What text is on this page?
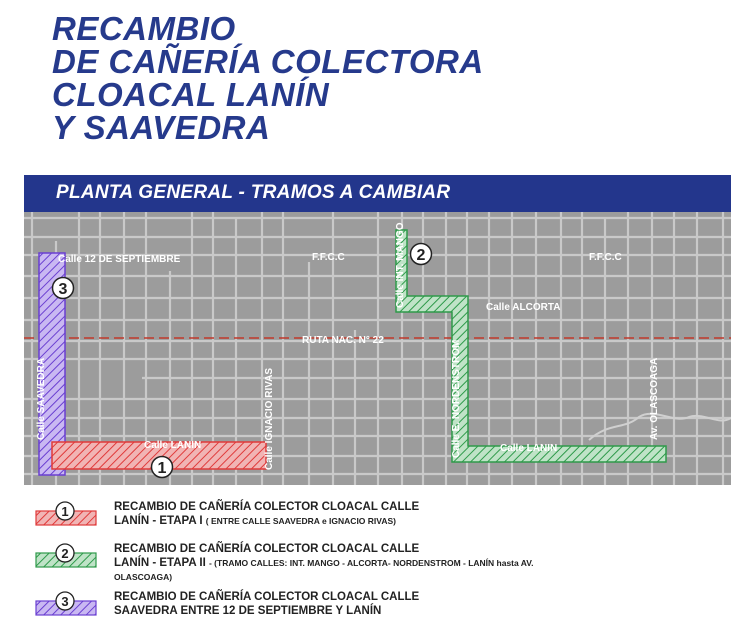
RECAMBIO
DE CAÑERÍA COLECTORA
CLOACAL LANÍN
Y SAAVEDRA
PLANTA GENERAL - TRAMOS A CAMBIAR
Calle 12 DE SEPTIEMBRE	F.F.C.C	F.F.C.C
Calle INT. MANGO	Calle ALCORTA
RUTA NAC. N° 22
Calle SAAVEDRA	Calle IGNACIO RIVAS	Calle E. NORDENSTROM	Av. OLASCOAGA
Calle LANIN	Calle LANIN
1
2
3
1	RECAMBIO DE CAÑERÍA COLECTOR CLOACAL CALLE
LANÍN - ETAPA I ( ENTRE CALLE SAAVEDRA e IGNACIO RIVAS)
2	RECAMBIO DE CAÑERÍA COLECTOR CLOACAL CALLE
LANÍN - ETAPA II - (TRAMO CALLES: INT. MANGO - ALCORTA- NORDENSTROM - LANÍN hasta AV. OLASCOAGA)
3	RECAMBIO DE CAÑERÍA COLECTOR CLOACAL CALLE
SAAVEDRA ENTRE 12 DE SEPTIEMBRE Y LANÍN
